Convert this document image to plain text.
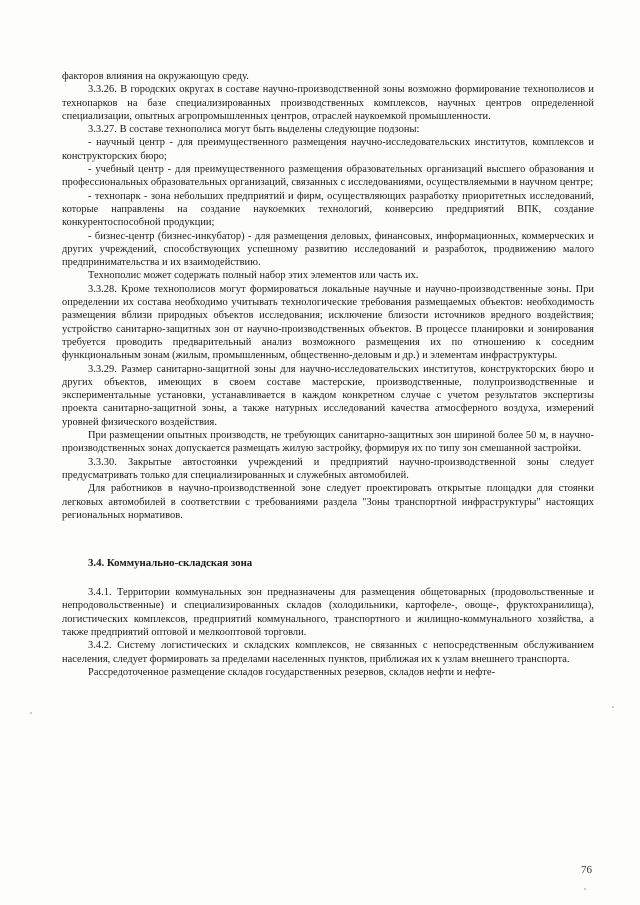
факторов влияния на окружающую среду.

3.3.26. В городских округах в составе научно-производственной зоны возможно формирование технополисов и технопарков на базе специализированных производственных комплексов, научных центров определенной специализации, опытных агропромышленных центров, отраслей наукоемкой промышленности.

3.3.27. В составе технополиса могут быть выделены следующие подзоны:

- научный центр - для преимущественного размещения научно-исследовательских институтов, комплексов и конструкторских бюро;

- учебный центр - для преимущественного размещения образовательных организаций высшего образования и профессиональных образовательных организаций, связанных с исследованиями, осуществляемыми в научном центре;

- технопарк - зона небольших предприятий и фирм, осуществляющих разработку приоритетных исследований, которые направлены на создание наукоемких технологий, конверсию предприятий ВПК, создание конкурентоспособной продукции;

- бизнес-центр (бизнес-инкубатор) - для размещения деловых, финансовых, информационных, коммерческих и других учреждений, способствующих успешному развитию исследований и разработок, продвижению малого предпринимательства и их взаимодействию.

Технополис может содержать полный набор этих элементов или часть их.

3.3.28. Кроме технополисов могут формироваться локальные научные и научно-производственные зоны. При определении их состава необходимо учитывать технологические требования размещаемых объектов: необходимость размещения вблизи природных объектов исследования; исключение близости источников вредного воздействия; устройство санитарно-защитных зон от научно-производственных объектов. В процессе планировки и зонирования требуется проводить предварительный анализ возможного размещения их по отношению к соседним функциональным зонам (жилым, промышленным, общественно-деловым и др.) и элементам инфраструктуры.

3.3.29. Размер санитарно-защитной зоны для научно-исследовательских институтов, конструкторских бюро и других объектов, имеющих в своем составе мастерские, производственные, полупроизводственные и экспериментальные установки, устанавливается в каждом конкретном случае с учетом результатов экспертизы проекта санитарно-защитной зоны, а также натурных исследований качества атмосферного воздуха, измерений уровней физического воздействия.

При размещении опытных производств, не требующих санитарно-защитных зон шириной более 50 м, в научно-производственных зонах допускается размещать жилую застройку, формируя их по типу зон смешанной застройки.

3.3.30. Закрытые автостоянки учреждений и предприятий научно-производственной зоны следует предусматривать только для специализированных и служебных автомобилей.

Для работников в научно-производственной зоне следует проектировать открытые площадки для стоянки легковых автомобилей в соответствии с требованиями раздела "Зоны транспортной инфраструктуры" настоящих региональных нормативов.

3.4. Коммунально-складская зона

3.4.1. Территории коммунальных зон предназначены для размещения общетоварных (продовольственные и непродовольственные) и специализированных складов (холодильники, картофеле-, овоще-, фруктохранилища), логистических комплексов, предприятий коммунального, транспортного и жилищно-коммунального хозяйства, а также предприятий оптовой и мелкооптовой торговли.

3.4.2. Систему логистических и складских комплексов, не связанных с непосредственным обслуживанием населения, следует формировать за пределами населенных пунктов, приближая их к узлам внешнего транспорта.

Рассредоточенное размещение складов государственных резервов, складов нефти и нефте-

76
